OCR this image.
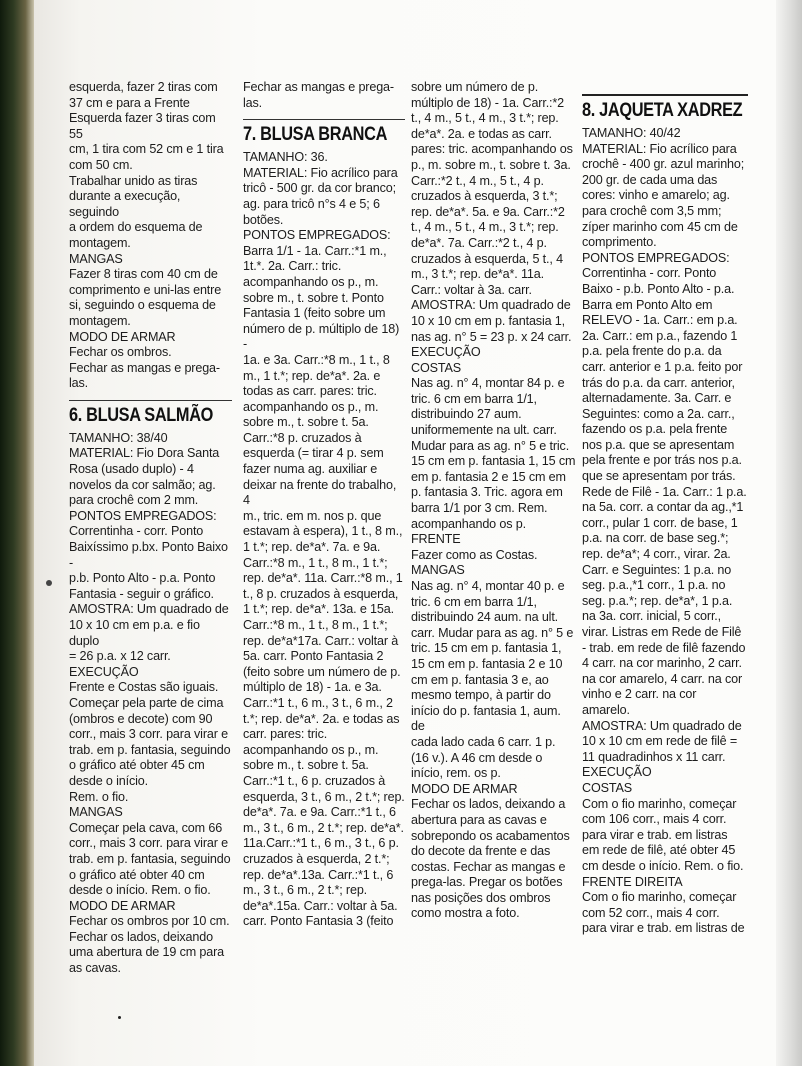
esquerda, fazer 2 tiras com

37 cm e para a Frente

Esquerda fazer 3 tiras com 55

cm, 1 tira com 52 cm e 1 tira

com 50 cm.

Trabalhar unido as tiras

durante a execução, seguindo

a ordem do esquema de

montagem.

MANGAS

Fazer 8 tiras com 40 cm de

comprimento e uni-las entre

si, seguindo o esquema de

montagem.

MODO DE ARMAR

Fechar os ombros.

Fechar as mangas e prega-

las.

6. BLUSA SALMÃO

TAMANHO: 38/40

MATERIAL: Fio Dora Santa

Rosa (usado duplo) - 4

novelos da cor salmão; ag.

para crochê com 2 mm.

PONTOS EMPREGADOS:

Correntinha - corr. Ponto

Baixíssimo p.bx. Ponto Baixo -

p.b. Ponto Alto - p.a. Ponto

Fantasia - seguir o gráfico.

AMOSTRA: Um quadrado de

10 x 10 cm em p.a. e fio duplo

= 26 p.a. x 12 carr.

EXECUÇÃO

Frente e Costas são iguais.

Começar pela parte de cima

(ombros e decote) com 90

corr., mais 3 corr. para virar e

trab. em p. fantasia, seguindo

o gráfico até obter 45 cm

desde o início.

Rem. o fio.

MANGAS

Começar pela cava, com 66

corr., mais 3 corr. para virar e

trab. em p. fantasia, seguindo

o gráfico até obter 40 cm

desde o início. Rem. o fio.

MODO DE ARMAR

Fechar os ombros por 10 cm.

Fechar os lados, deixando

uma abertura de 19 cm para

as cavas.

Fechar as mangas e prega-

las.

7. BLUSA BRANCA

TAMANHO: 36.

MATERIAL: Fio acrílico para

tricô - 500 gr. da cor branco;

ag. para tricô n°s 4 e 5; 6

botões.

PONTOS EMPREGADOS:

Barra 1/1 - 1a. Carr.:*1 m.,

1t.*. 2a. Carr.: tric.

acompanhando os p., m.

sobre m., t. sobre t. Ponto

Fantasia 1 (feito sobre um

número de p. múltiplo de 18) -

1a. e 3a. Carr.:*8 m., 1 t., 8

m., 1 t.*; rep. de*a*. 2a. e

todas as carr. pares: tric.

acompanhando os p., m.

sobre m., t. sobre t. 5a.

Carr.:*8 p. cruzados à

esquerda (= tirar 4 p. sem

fazer numa ag. auxiliar e

deixar na frente do trabalho, 4

m., tric. em m. nos p. que

estavam à espera), 1 t., 8 m.,

1 t.*; rep. de*a*. 7a. e 9a.

Carr.:*8 m., 1 t., 8 m., 1 t.*;

rep. de*a*. 11a. Carr.:*8 m., 1

t., 8 p. cruzados à esquerda,

1 t.*; rep. de*a*. 13a. e 15a.

Carr.:*8 m., 1 t., 8 m., 1 t.*;

rep. de*a*17a. Carr.: voltar à

5a. carr. Ponto Fantasia 2

(feito sobre um número de p.

múltiplo de 18) - 1a. e 3a.

Carr.:*1 t., 6 m., 3 t., 6 m., 2

t.*; rep. de*a*. 2a. e todas as

carr. pares: tric.

acompanhando os p., m.

sobre m., t. sobre t. 5a.

Carr.:*1 t., 6 p. cruzados à

esquerda, 3 t., 6 m., 2 t.*; rep.

de*a*. 7a. e 9a. Carr.:*1 t., 6

m., 3 t., 6 m., 2 t.*; rep. de*a*.

11a.Carr.:*1 t., 6 m., 3 t., 6 p.

cruzados à esquerda, 2 t.*;

rep. de*a*.13a. Carr.:*1 t., 6

m., 3 t., 6 m., 2 t.*; rep.

de*a*.15a. Carr.: voltar à 5a.

carr. Ponto Fantasia 3 (feito

sobre um número de p.

múltiplo de 18) - 1a. Carr.:*2

t., 4 m., 5 t., 4 m., 3 t.*; rep.

de*a*. 2a. e todas as carr.

pares: tric. acompanhando os

p., m. sobre m., t. sobre t. 3a.

Carr.:*2 t., 4 m., 5 t., 4 p.

cruzados à esquerda, 3 t.*;

rep. de*a*. 5a. e 9a. Carr.:*2

t., 4 m., 5 t., 4 m., 3 t.*; rep.

de*a*. 7a. Carr.:*2 t., 4 p.

cruzados à esquerda, 5 t., 4

m., 3 t.*; rep. de*a*. 11a.

Carr.: voltar à 3a. carr.

AMOSTRA: Um quadrado de

10 x 10 cm em p. fantasia 1,

nas ag. n° 5 = 23 p. x 24 carr.

EXECUÇÃO

COSTAS

Nas ag. n° 4, montar 84 p. e

tric. 6 cm em barra 1/1,

distribuindo 27 aum.

uniformemente na ult. carr.

Mudar para as ag. n° 5 e tric.

15 cm em p. fantasia 1, 15 cm

em p. fantasia 2 e 15 cm em

p. fantasia 3. Tric. agora em

barra 1/1 por 3 cm. Rem.

acompanhando os p.

FRENTE

Fazer como as Costas.

MANGAS

Nas ag. n° 4, montar 40 p. e

tric. 6 cm em barra 1/1,

distribuindo 24 aum. na ult.

carr. Mudar para as ag. n° 5 e

tric. 15 cm em p. fantasia 1,

15 cm em p. fantasia 2 e 10

cm em p. fantasia 3 e, ao

mesmo tempo, à partir do

início do p. fantasia 1, aum. de

cada lado cada 6 carr. 1 p.

(16 v.). A 46 cm desde o

início, rem. os p.

MODO DE ARMAR

Fechar os lados, deixando a

abertura para as cavas e

sobrepondo os acabamentos

do decote da frente e das

costas. Fechar as mangas e

prega-las. Pregar os botões

nas posições dos ombros

como mostra a foto.

8. JAQUETA XADREZ

TAMANHO: 40/42

MATERIAL: Fio acrílico para

crochê - 400 gr. azul marinho;

200 gr. de cada uma das

cores: vinho e amarelo; ag.

para crochê com 3,5 mm;

zíper marinho com 45 cm de

comprimento.

PONTOS EMPREGADOS:

Correntinha - corr. Ponto

Baixo - p.b. Ponto Alto - p.a.

Barra em Ponto Alto em

RELEVO - 1a. Carr.: em p.a.

2a. Carr.: em p.a., fazendo 1

p.a. pela frente do p.a. da

carr. anterior e 1 p.a. feito por

trás do p.a. da carr. anterior,

alternadamente. 3a. Carr. e

Seguintes: como a 2a. carr.,

fazendo os p.a. pela frente

nos p.a. que se apresentam

pela frente e por trás nos p.a.

que se apresentam por trás.

Rede de Filê - 1a. Carr.: 1 p.a.

na 5a. corr. a contar da ag.,*1

corr., pular 1 corr. de base, 1

p.a. na corr. de base seg.*;

rep. de*a*; 4 corr., virar. 2a.

Carr. e Seguintes: 1 p.a. no

seg. p.a.,*1 corr., 1 p.a. no

seg. p.a.*; rep. de*a*, 1 p.a.

na 3a. corr. inicial, 5 corr.,

virar. Listras em Rede de Filê

- trab. em rede de filê fazendo

4 carr. na cor marinho, 2 carr.

na cor amarelo, 4 carr. na cor

vinho e 2 carr. na cor

amarelo.

AMOSTRA: Um quadrado de

10 x 10 cm em rede de filê =

11 quadradinhos x 11 carr.

EXECUÇÃO

COSTAS

Com o fio marinho, começar

com 106 corr., mais 4 corr.

para virar e trab. em listras

em rede de filê, até obter 45

cm desde o início. Rem. o fio.

FRENTE DIREITA

Com o fio marinho, começar

com 52 corr., mais 4 corr.

para virar e trab. em listras de
